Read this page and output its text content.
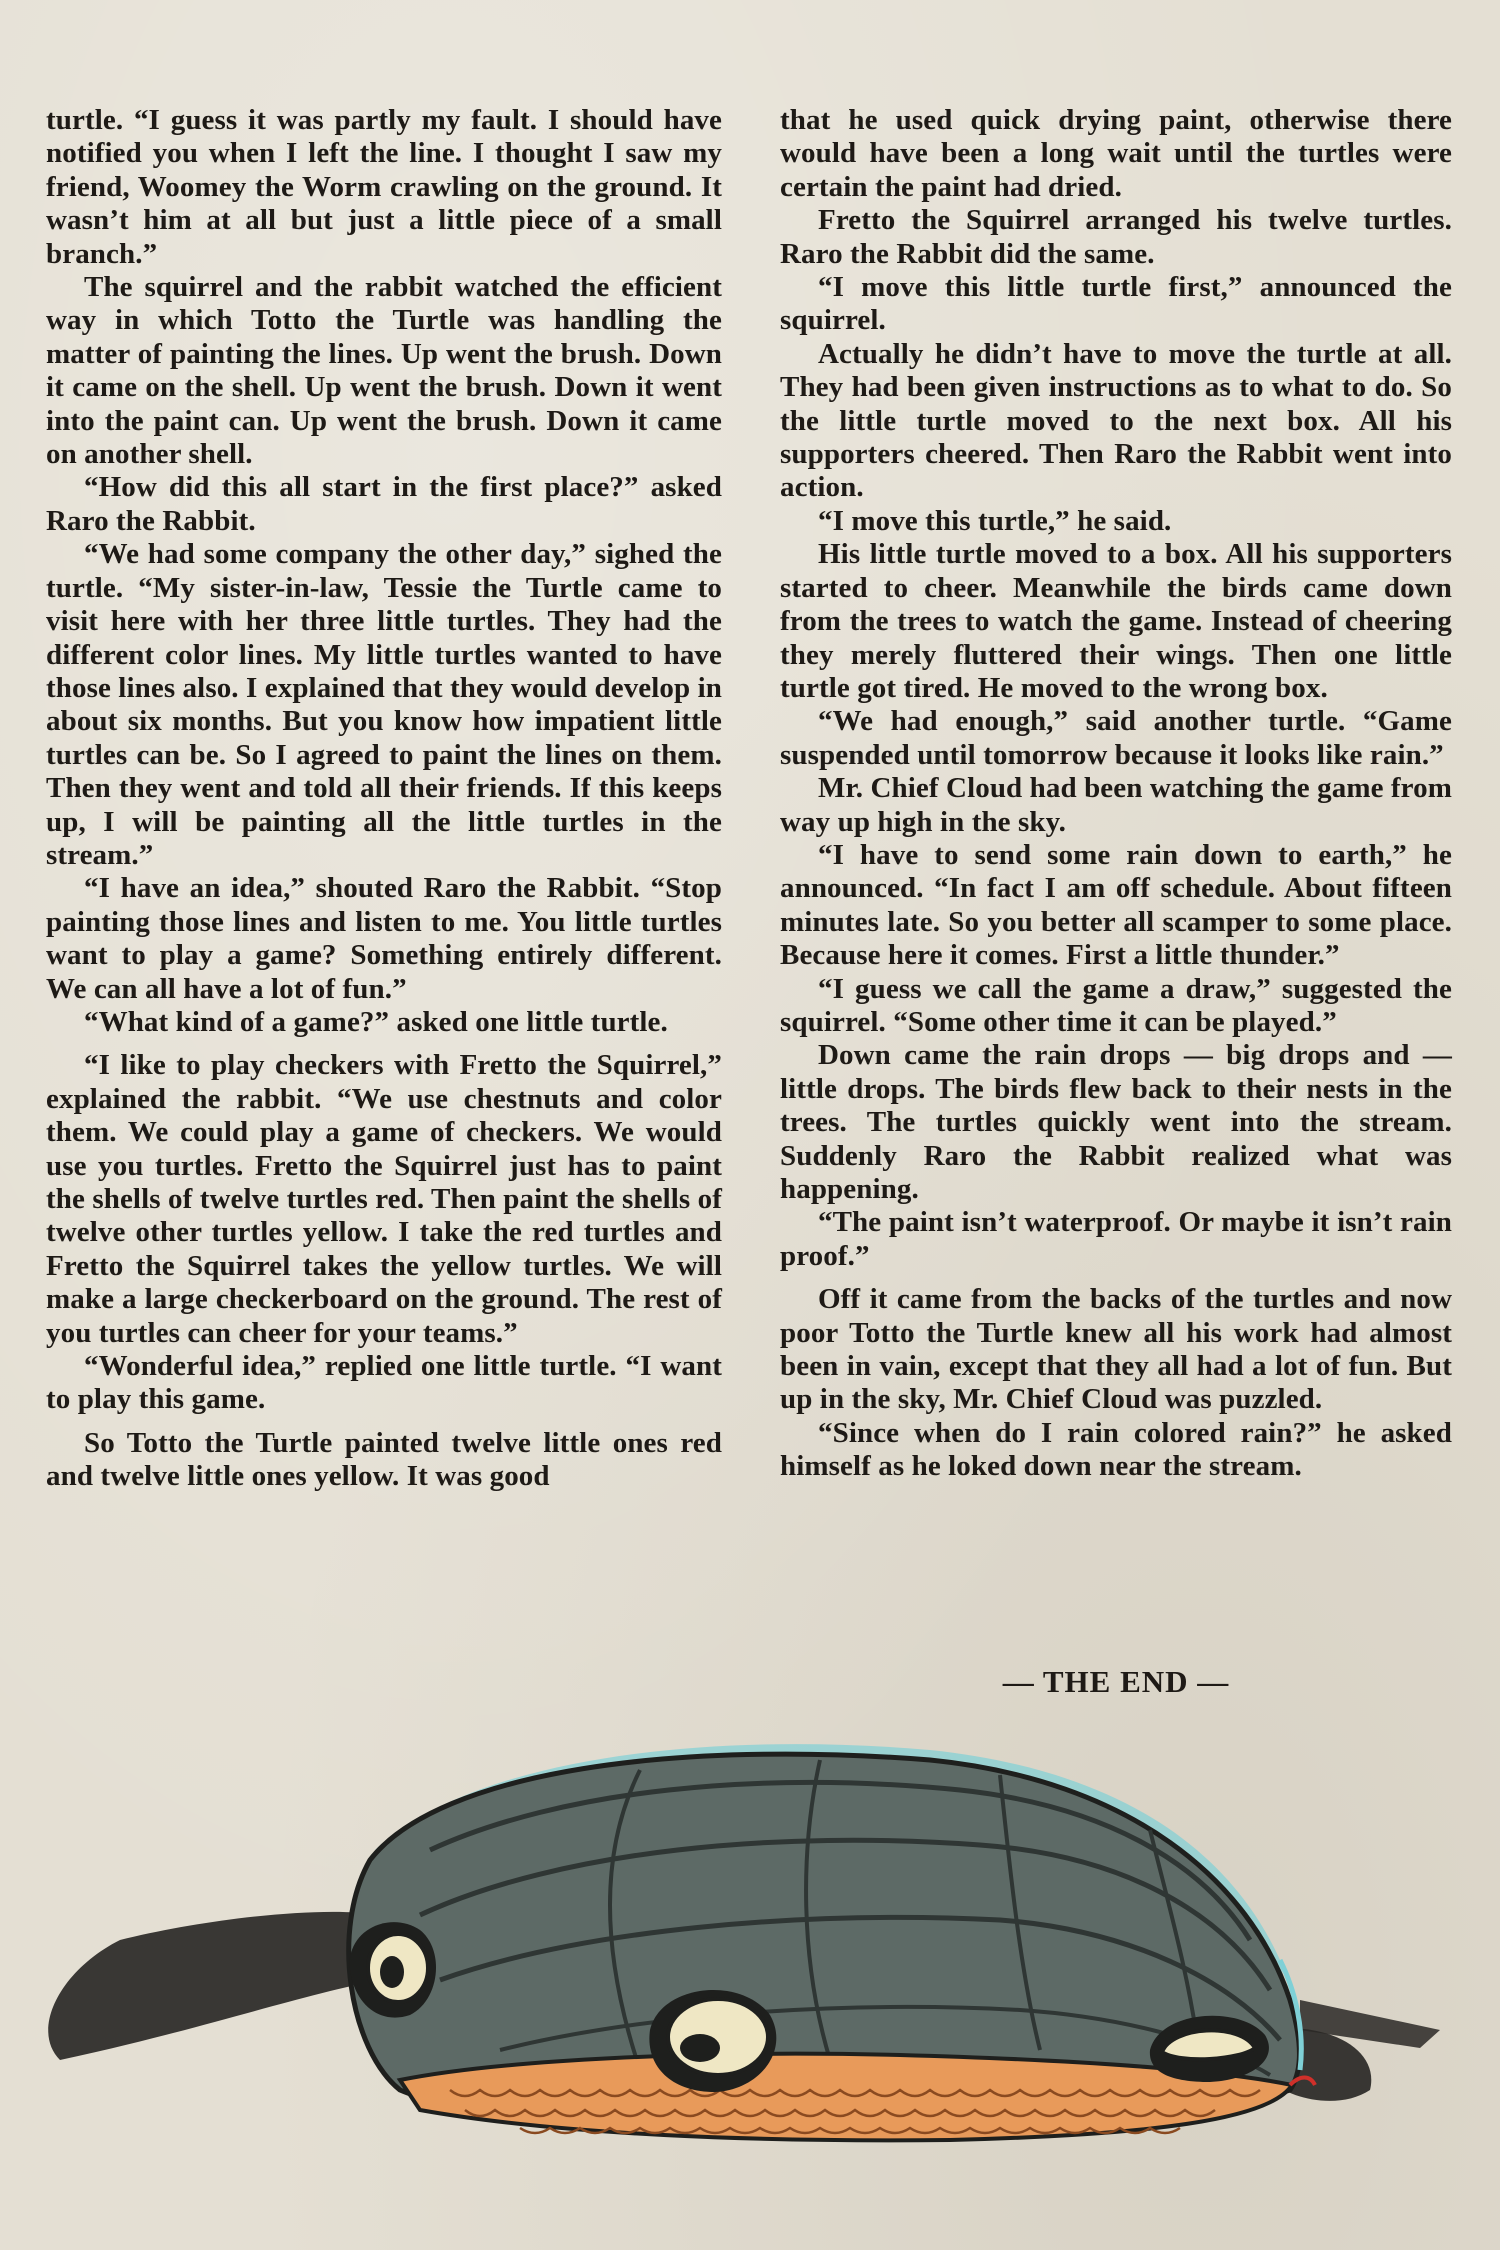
turtle. “I guess it was partly my fault. I should have notified you when I left the line. I thought I saw my friend, Woomey the Worm crawling on the ground. It wasn’t him at all but just a little piece of a small branch.”

The squirrel and the rabbit watched the efficient way in which Totto the Turtle was handling the matter of painting the lines. Up went the brush. Down it came on the shell. Up went the brush. Down it went into the paint can. Up went the brush. Down it came on another shell.

“How did this all start in the first place?” asked Raro the Rabbit.

“We had some company the other day,” sighed the turtle. “My sister-in-law, Tessie the Turtle came to visit here with her three little turtles. They had the different color lines. My little turtles wanted to have those lines also. I explained that they would develop in about six months. But you know how impatient little turtles can be. So I agreed to paint the lines on them. Then they went and told all their friends. If this keeps up, I will be painting all the little turtles in the stream.”

“I have an idea,” shouted Raro the Rabbit. “Stop painting those lines and listen to me. You little turtles want to play a game? Something entirely different. We can all have a lot of fun.”

“What kind of a game?” asked one little turtle.

“I like to play checkers with Fretto the Squirrel,” explained the rabbit. “We use chestnuts and color them. We could play a game of checkers. We would use you turtles. Fretto the Squirrel just has to paint the shells of twelve turtles red. Then paint the shells of twelve other turtles yellow. I take the red turtles and Fretto the Squirrel takes the yellow turtles. We will make a large checkerboard on the ground. The rest of you turtles can cheer for your teams.”

“Wonderful idea,” replied one little turtle. “I want to play this game.

So Totto the Turtle painted twelve little ones red and twelve little ones yellow. It was good

that he used quick drying paint, otherwise there would have been a long wait until the turtles were certain the paint had dried.

Fretto the Squirrel arranged his twelve turtles. Raro the Rabbit did the same.

“I move this little turtle first,” announced the squirrel.

Actually he didn’t have to move the turtle at all. They had been given instructions as to what to do. So the little turtle moved to the next box. All his supporters cheered. Then Raro the Rabbit went into action.

“I move this turtle,” he said.

His little turtle moved to a box. All his supporters started to cheer. Meanwhile the birds came down from the trees to watch the game. Instead of cheering they merely fluttered their wings. Then one little turtle got tired. He moved to the wrong box.

“We had enough,” said another turtle. “Game suspended until tomorrow because it looks like rain.”

Mr. Chief Cloud had been watching the game from way up high in the sky.

“I have to send some rain down to earth,” he announced. “In fact I am off schedule. About fifteen minutes late. So you better all scamper to some place. Because here it comes. First a little thunder.”

“I guess we call the game a draw,” suggested the squirrel. “Some other time it can be played.”

Down came the rain drops — big drops and — little drops. The birds flew back to their nests in the trees. The turtles quickly went into the stream. Suddenly Raro the Rabbit realized what was happening.

“The paint isn’t waterproof. Or maybe it isn’t rain proof.”

Off it came from the backs of the turtles and now poor Totto the Turtle knew all his work had almost been in vain, except that they all had a lot of fun. But up in the sky, Mr. Chief Cloud was puzzled.

“Since when do I rain colored rain?” he asked himself as he loked down near the stream.

— THE END —
